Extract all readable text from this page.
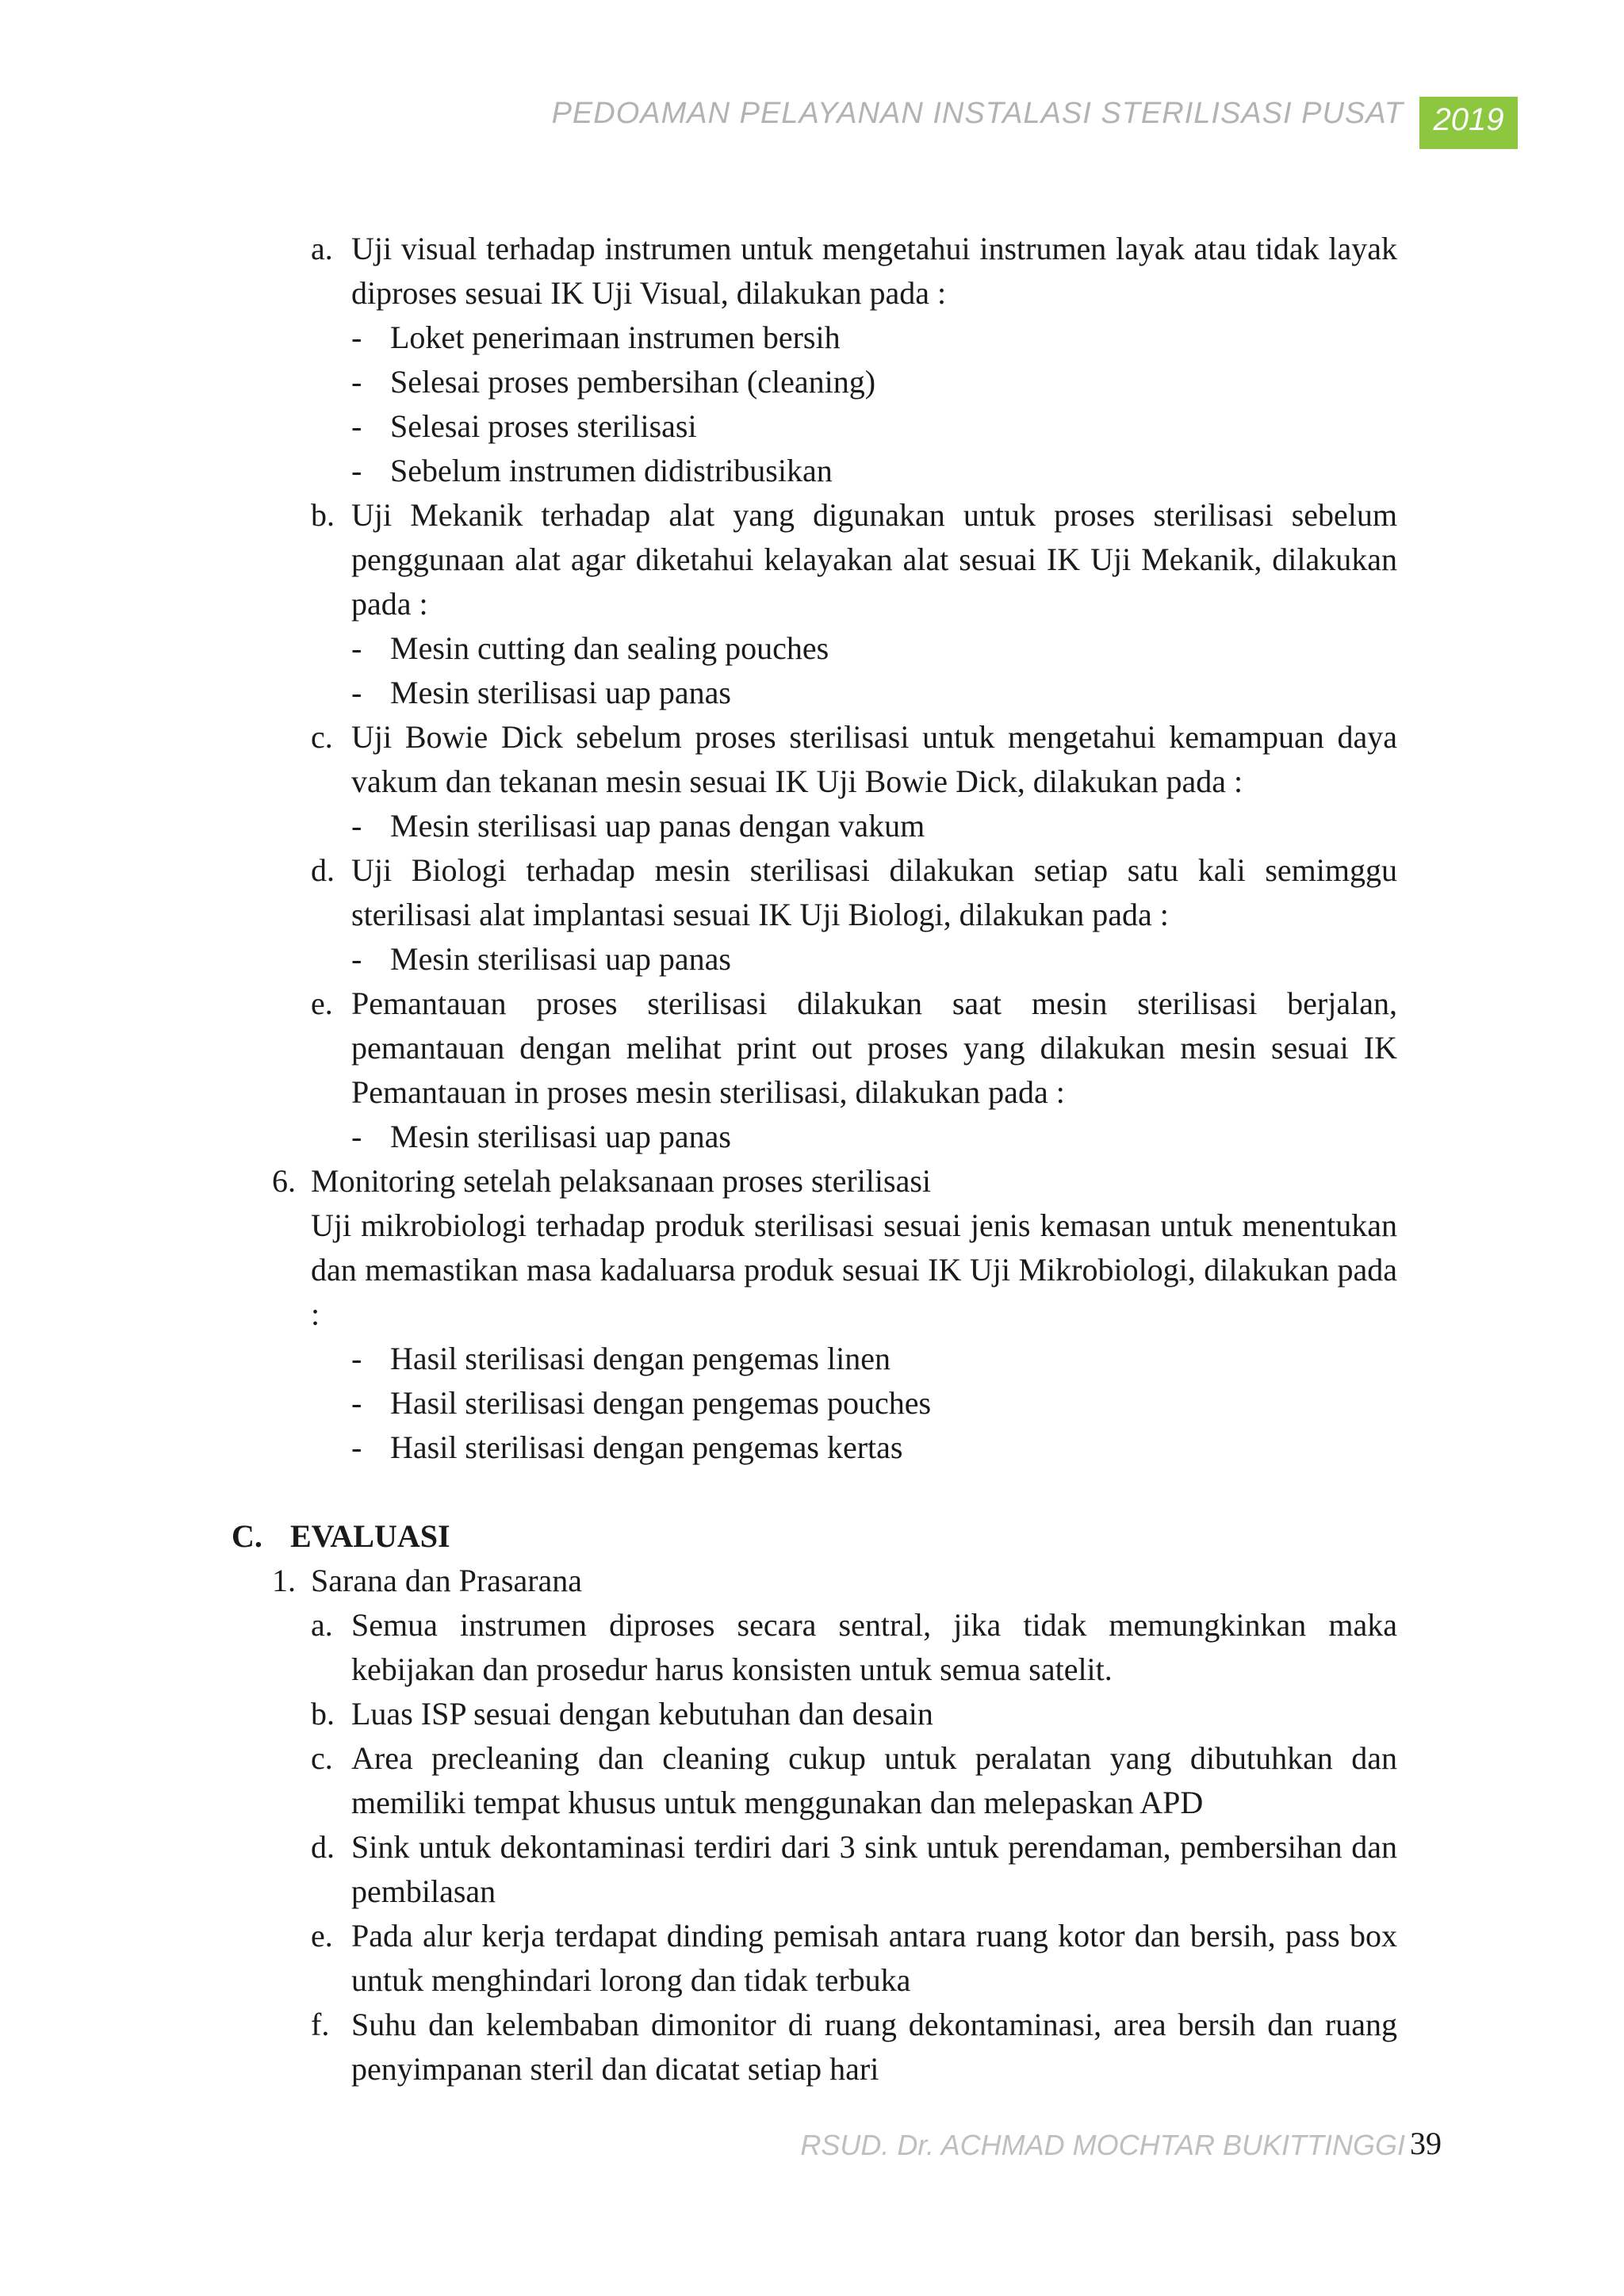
PEDOAMAN PELAYANAN INSTALASI STERILISASI PUSAT 2019
a. Uji visual terhadap instrumen untuk mengetahui instrumen layak atau tidak layak diproses sesuai IK Uji Visual, dilakukan pada :
- Loket penerimaan instrumen bersih
- Selesai proses pembersihan (cleaning)
- Selesai proses sterilisasi
- Sebelum instrumen didistribusikan
b. Uji Mekanik terhadap alat yang digunakan untuk proses sterilisasi sebelum penggunaan alat agar diketahui kelayakan alat sesuai IK Uji Mekanik, dilakukan pada :
- Mesin cutting dan sealing pouches
- Mesin sterilisasi uap panas
c. Uji Bowie Dick sebelum proses sterilisasi untuk mengetahui kemampuan daya vakum dan tekanan mesin sesuai IK Uji Bowie Dick, dilakukan pada :
- Mesin sterilisasi uap panas dengan vakum
d. Uji Biologi terhadap mesin sterilisasi dilakukan setiap satu kali semimggu sterilisasi alat implantasi sesuai IK Uji Biologi, dilakukan pada :
- Mesin sterilisasi uap panas
e. Pemantauan proses sterilisasi dilakukan saat mesin sterilisasi berjalan, pemantauan dengan melihat print out proses yang dilakukan mesin sesuai IK Pemantauan in proses mesin sterilisasi, dilakukan pada :
- Mesin sterilisasi uap panas
6. Monitoring setelah pelaksanaan proses sterilisasi
Uji mikrobiologi terhadap produk sterilisasi sesuai jenis kemasan untuk menentukan dan memastikan masa kadaluarsa produk sesuai IK Uji Mikrobiologi, dilakukan pada :
- Hasil sterilisasi dengan pengemas linen
- Hasil sterilisasi dengan pengemas pouches
- Hasil sterilisasi dengan pengemas kertas
C. EVALUASI
1. Sarana dan Prasarana
a. Semua instrumen diproses secara sentral, jika tidak memungkinkan maka kebijakan dan prosedur harus konsisten untuk semua satelit.
b. Luas ISP sesuai dengan kebutuhan dan desain
c. Area precleaning dan cleaning cukup untuk peralatan yang dibutuhkan dan memiliki tempat khusus untuk menggunakan dan melepaskan APD
d. Sink untuk dekontaminasi terdiri dari 3 sink untuk perendaman, pembersihan dan pembilasan
e. Pada alur kerja terdapat dinding pemisah antara ruang kotor dan bersih, pass box untuk menghindari lorong dan tidak terbuka
f. Suhu dan kelembaban dimonitor di ruang dekontaminasi, area bersih dan ruang penyimpanan steril dan dicatat setiap hari
RSUD. Dr. ACHMAD MOCHTAR BUKITTINGGI 39
